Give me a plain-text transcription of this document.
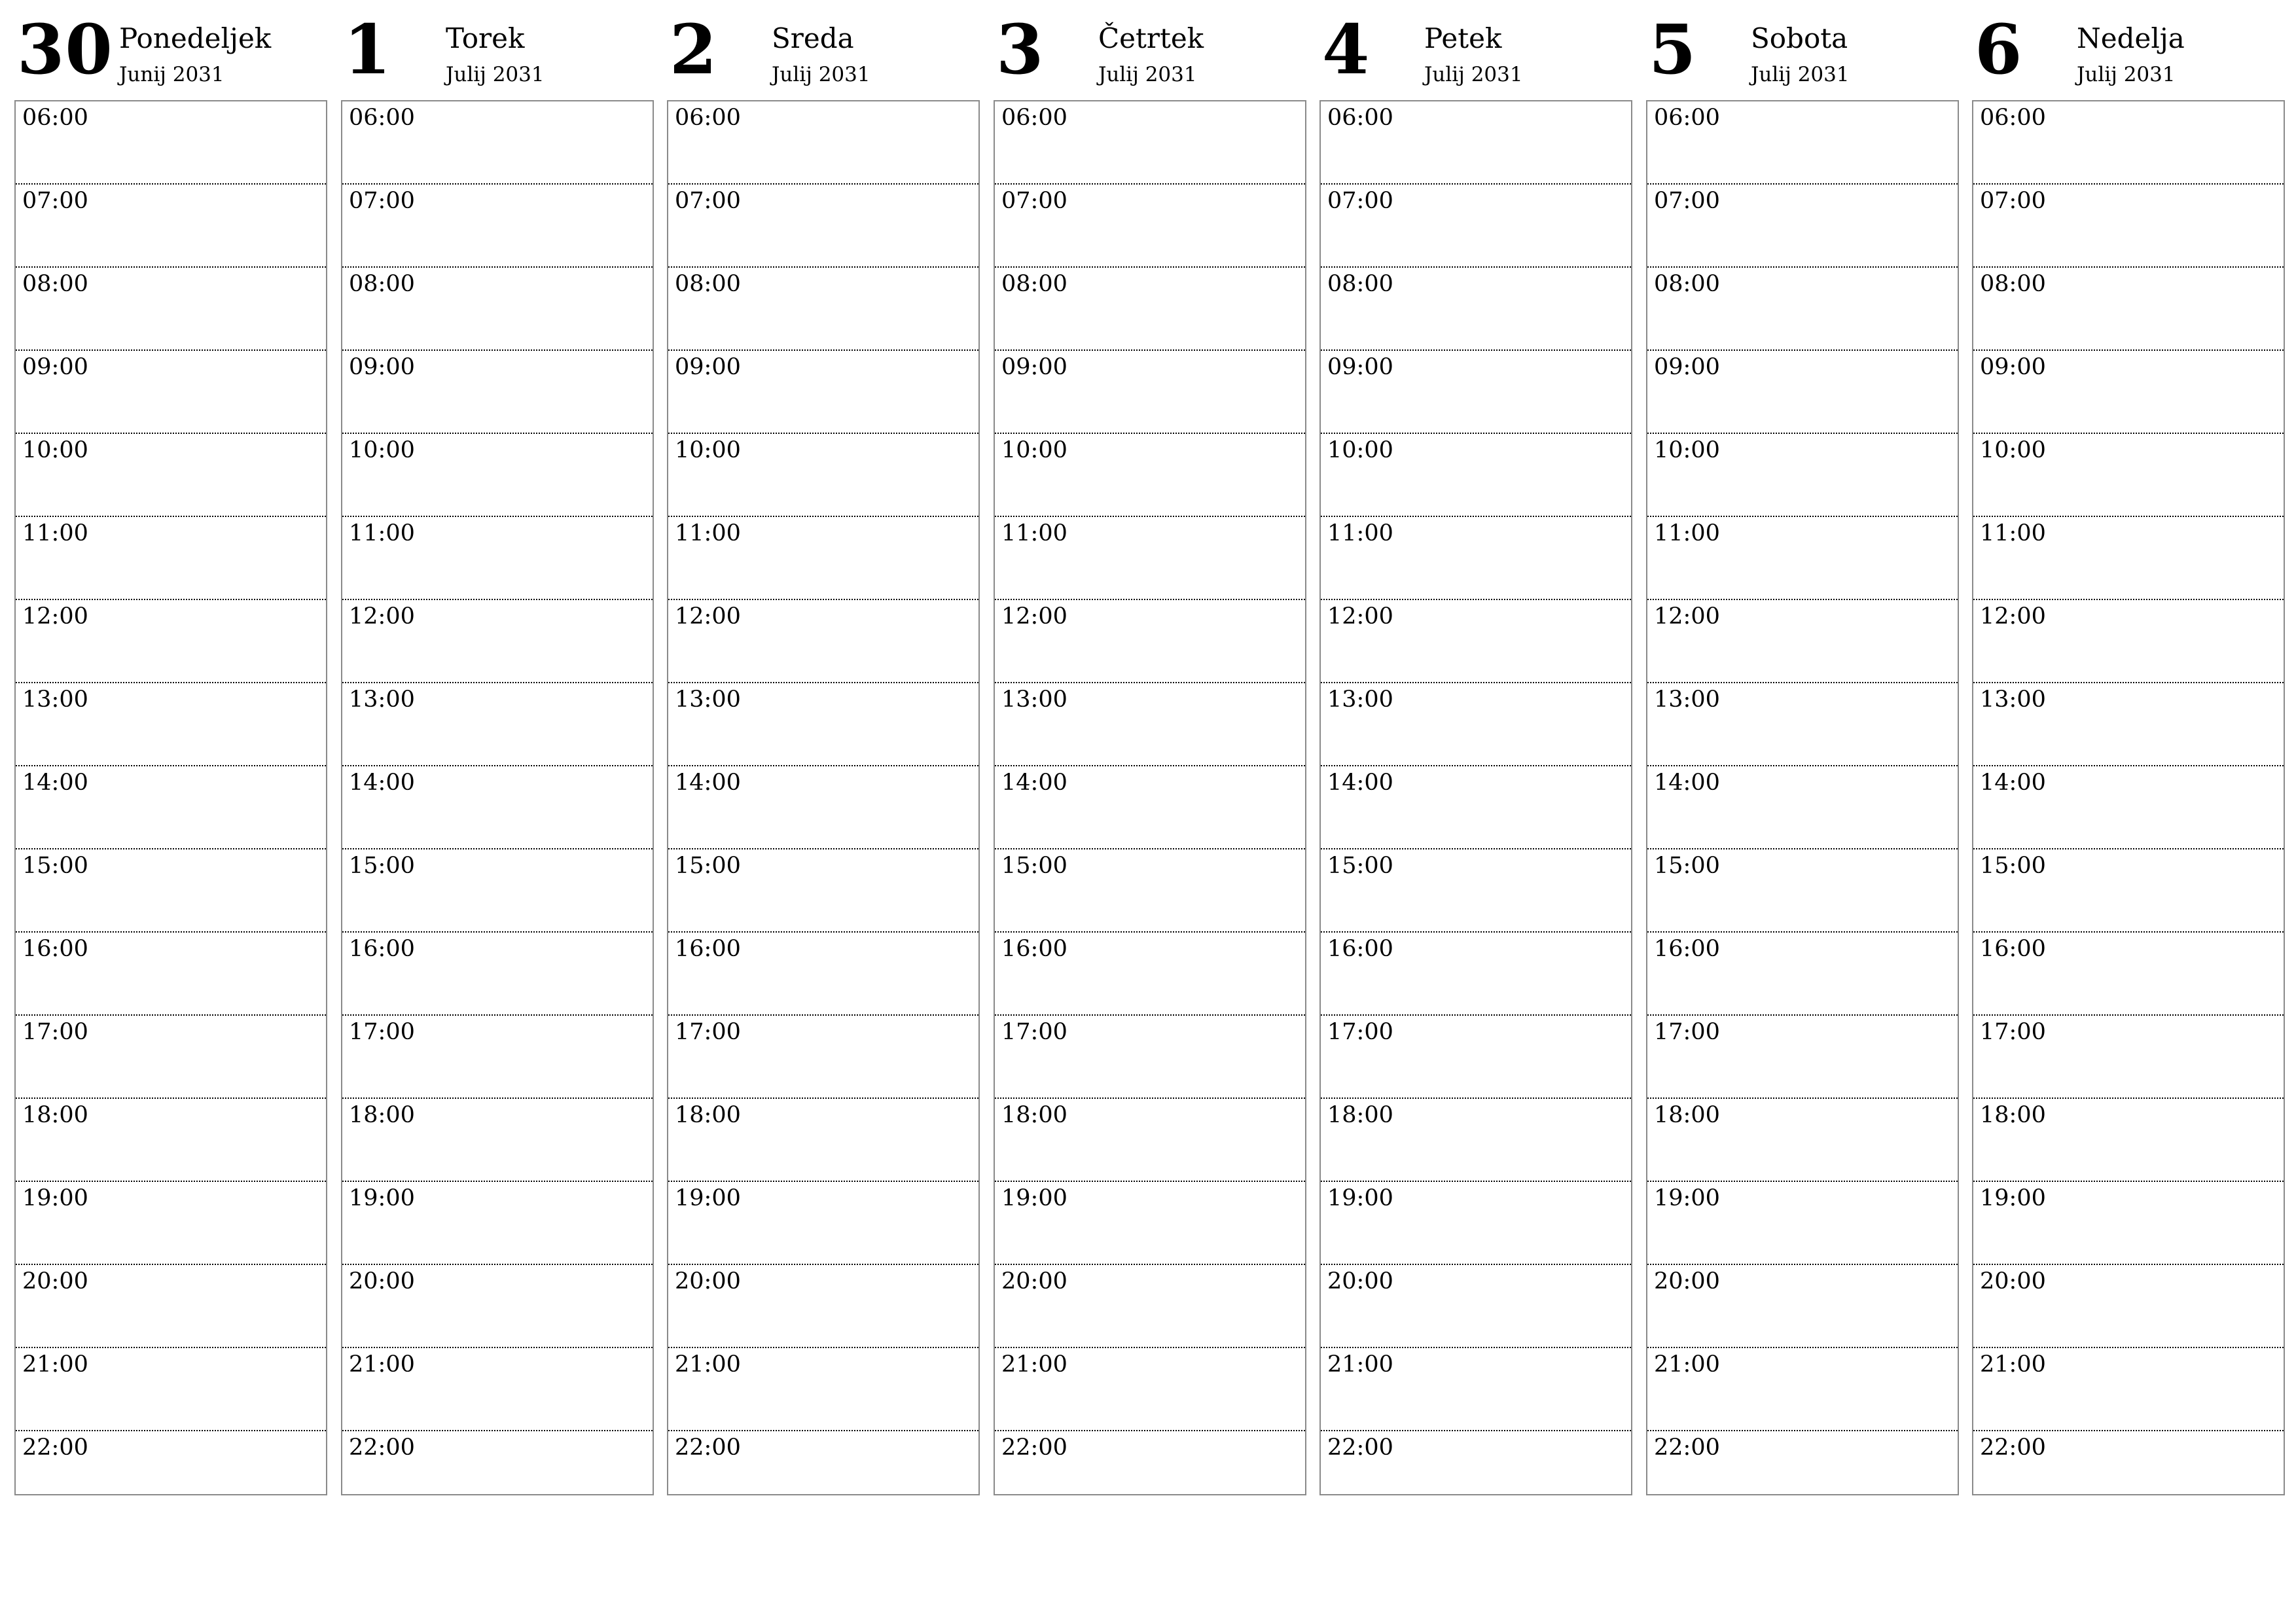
30 Ponedeljek
Junij 2031
06:00
07:00
08:00
09:00
10:00
11:00
12:00
13:00
14:00
15:00
16:00
17:00
18:00
19:00
20:00
21:00
22:00
1 Torek
Julij 2031
06:00
07:00
08:00
09:00
10:00
11:00
12:00
13:00
14:00
15:00
16:00
17:00
18:00
19:00
20:00
21:00
22:00
2 Sreda
Julij 2031
06:00
07:00
08:00
09:00
10:00
11:00
12:00
13:00
14:00
15:00
16:00
17:00
18:00
19:00
20:00
21:00
22:00
3 Četrtek
Julij 2031
06:00
07:00
08:00
09:00
10:00
11:00
12:00
13:00
14:00
15:00
16:00
17:00
18:00
19:00
20:00
21:00
22:00
4 Petek
Julij 2031
06:00
07:00
08:00
09:00
10:00
11:00
12:00
13:00
14:00
15:00
16:00
17:00
18:00
19:00
20:00
21:00
22:00
5 Sobota
Julij 2031
06:00
07:00
08:00
09:00
10:00
11:00
12:00
13:00
14:00
15:00
16:00
17:00
18:00
19:00
20:00
21:00
22:00
6 Nedelja
Julij 2031
06:00
07:00
08:00
09:00
10:00
11:00
12:00
13:00
14:00
15:00
16:00
17:00
18:00
19:00
20:00
21:00
22:00
